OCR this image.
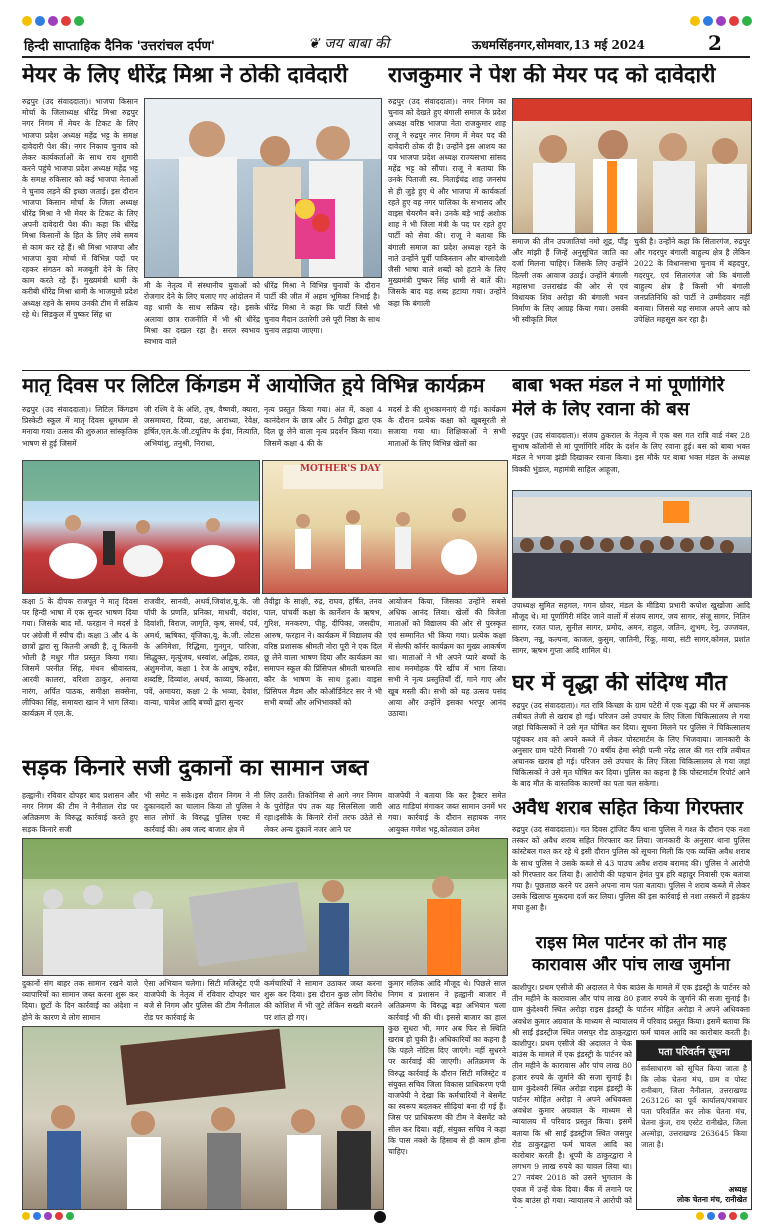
हिन्दी साप्ताहिक दैनिक 'उत्तरांचल दर्पण'	❦ जय बाबा की	ऊधमसिंहनगर,सोमवार,13 मई 2024	2
मेयर के लिए धीरेंद्र मिश्रा ने ठोकी दावेदारी
रुद्रपुर (उद संवाददाता)। भाजपा किसान मोर्चा के जिलाध्यक्ष धीरेंद्र मिश्रा रुद्रपुर नगर निगम में मेयर के टिकट के लिए भाजपा प्रदेश अध्यक्ष महेंद्र भट्ट के समक्ष दावेदारी पेश की। नगर निकाय चुनाव को लेकर कार्यकर्ताओं के साथ राय शुमारी करने पहुंचे भाजपा प्रदेश अध्यक्ष महेंद्र भट्ट के समक्ष रुकिसार को कई भाजपा नेताओं ने चुनाव लड़ने की इच्छा जताई। इस दौरान भाजपा किसान मोर्चा के जिला अध्यक्ष धीरेंद्र मिश्रा ने भी मेयर के टिकट के लिए अपनी दावेदारी पेश की। कहा कि धीरेंद्र मिश्रा किसानों के हित के लिए लंबे समय से काम कर रहे हैं। श्री मिश्रा भाजपा और भाजपा युवा मोर्चा में विभिन्न पदों पर रहकर संगठन को मजबूती देने के लिए काम करते रहे हैं। मुख्यमंत्री धामी के करीबी धीरेंद्र मिश्रा धामी के भाजयुमो प्रदेश अध्यक्ष रहने के समय उनकी टीम में सक्रिय रहे थे। सिडकुल में पुष्कर सिंह धा
मी के नेतृत्व में संस्थानीय युवाओं को रोजगार देने के लिए चलाए गए आंदोलन में वह धामी के साथ सक्रिय रहे। इसके अलावा छात्र राजनीति में भी श्री धीरेंद्र मिश्रा का दखल रहा है। सरल स्वभाव स्वभाव वाले
धीरेंद्र मिश्रा ने विभिन्न चुनावों के दौरान पार्टी की जीत में अहम भूमिका निभाई है। धीरेंद्र मिश्रा ने कहा कि पार्टी जिसे भी चुनाव मैदान उतारेगी उसे पूरी निष्ठा के साथ चुनाव लड़ाया जाएगा।
राजकुमार ने पेश की मेयर पद को दावेदारी
रुद्रपुर (उद संवाददाता)। नगर निगम का चुनाव को देखते हुए बंगाली समाज के प्रदेश अध्यक्ष वरिष्ठ भाजपा नेता राजकुमार शाह राजू ने रुद्रपुर नगर निगम में मेयर पद की दावेदारी ठोक दी है। उन्होंने इस आशय का पत्र भाजपा प्रदेश अध्यक्ष राज्यसभा सांसद महेंद्र भट्ट को सौंपा। राजू ने बताया कि उनके पिताजी स्व. निताईचंद्र शाह जनसंघ से ही जुड़े हुए थे और भाजपा में कार्यकर्ता रहते हुए वह नगर पालिका के सभासद और वाइस चेयरमैन बने। उनके बड़े भाई अशोक शाह ने भी जिला मंत्री के पद पर रहते हुए पार्टी को सेवा की। राजू ने बताया कि बंगाली समाज का प्रदेश अध्यक्ष रहने के नाते उन्होंने पूर्वी पाकिस्तान और बांग्लादेशी जैसी भाषा वाले शब्दों को हटाने के लिए मुख्यमंत्री पुष्कर सिंह धामी से बातें की। जिसके बाद यह शब्द हटाया गया। उन्होंने कहा कि बंगाली
समाज की तीन उपजातियां नमो शूद्र, पौंड्र और मांझी हैं जिन्हें अनुसूचित जाति का दर्जा मिलना चाहिए। जिसके लिए उन्होंने दिल्ली तक आवाज उठाई। उन्होंने बंगाली महासभा उत्तराखंड की ओर से एवं विधायक शिव अरोड़ा की बंगाली भवन निर्माण के लिए आग्रह किया गया। उसकी भी स्वीकृति मिल
चुकी है। उन्होंने कहा कि सितारगंज, रुद्रपुर और गदरपुर बंगाली बाहुल्य क्षेत्र है लेकिन 2022 के विधानसभा चुनाव में बहदपुर, गदरपुर, एवं सितारगंज जो कि बंगाली बाहुल्य क्षेत्र है किसी भी बंगाली जनप्रतिनिधि को पार्टी ने उम्मीदवार नहीं बनाया। जिससे यह समाज अपने आप को उपेक्षित महसूस कर रहा है।
मातृ दिवस पर लिटिल किंगडम में आयोजित हुये विभिन्न कार्यक्रम
रुद्रपुर (उद संवाददाता)। लिटिल किंगडम प्रिस्केटी स्कूल में मातृ दिवस धूमधाम से मनाया गया। उत्सव की शुरुआत सांस्कृतिक भाषण से हुई जिसमें
जी रश्मि दे के अंशि, तृष, वैष्णवी, क्यारा, जसमायरा, दिव्या, दक्ष, आराध्या, रेवेक्ष, हर्षित,एल.के.जी.टयूलिप के ईवा, नित्याति, अभियांशु, तनुश्री, निराधा,
नृत्य प्रस्तुत किया गया। अंत में, कक्षा 4 कानंदेशन के छात्र और 5 तैवीड्रा द्वारा एक दिल छू लेने वाला नृत्य प्रदर्शन किया गया। जिसमें कक्षा 4 की के
मदर्स डे की शुभकामनाएं दी गई। कार्यक्रम के दौरान प्रत्येक कक्षा को खूबसूरती से सजाया गया था। शिक्षिकाओं ने सभी माताओं के लिए विभिन्न खेलों का
MOTHER'S DAY
कक्षा 5 के दीपक राजपूत ने मातृ दिवस पर हिन्दी भाषा में एक सुन्दर भाषण दिया गया। जिसके बाद मों. फरहान ने मदर्स डे पर अंग्रेजी में स्पीच दी। कक्षा 3 और 4 के छात्रों द्वारा सु कितनी अच्छी है, तू कितनी भोली है मधुर गीत प्रस्तुत किया गया। जिसमें परनीत सिंह, मंथन श्रीवास्तव, आरवी कालरा, वरिशा ठाकुर, अनाया नारंग, अर्पित पाठक, समीक्षा सक्सेना, लीपिका सिंह, समायरा खान ने भाग लिया। कार्यक्रम में एल.के.
राजवीर, सानवी, अथर्व,जिवांश,यू.के. जी पॉपी के प्रणति, प्रनिका, माधवी, वंदांश, दिवांशी, विराज, जागृति, कृष, समर्थ, पर्व, अमर्थ, ऋषिका, वृंजिका,यू. के.जी. लोटस के अनिमेशा, रिद्धिमा, गुनगुन, पारिजा, सिद्धुक्त, मृत्युंजय, धस्वांश, अद्विक, रावत, अंशुमनोज, कक्षा 1 रेज के आयुष, रुद्रैश, शब्दष्टि, दिव्यांश, अथर्व, काव्या, किआरा, पवें, अमायरा, कक्षा 2 के भव्या, देवांश, वान्या, चावेश आदि बच्चों द्वारा सुन्दर
तैवीड्रा के साक्षी, रुद्र, राघव, हर्षित, तनव पाल, पांचवीं कक्षा के कार्नेशन के ऋषभ, गुरिश, मनकरण, पीहू, दीपिका, जसदीप, आरुष, फरहान ने। कार्यक्रम में विद्यालय की वरिष्ठ प्रशासक श्रीमती नोरा पूरी ने एक दिल छू लेने वाला भाषण दिया और कार्यक्रम का समापन स्कूल की प्रिंसिपल श्रीमती चारुमति कौर के भाषण के साथ हुआ। वाइस प्रिंसिपल मैडम और कोऑर्डिनेटर सर ने भी सभी बच्चों और अभिभावकों को
आयोजन किया, जिसका उन्होंने सबसे अधिक आनंद लिया। खेलों की विजेता माताओं को विद्यालय की ओर से पुरस्कृत एवं सम्मानित भी किया गया। प्रत्येक कक्षा में सेल्फी कॉर्नर कार्यक्रम का मुख्य आकर्षण था। माताओं ने भी अपने प्यारे बच्चों के साथ मनमोहक पैरे खींच में भाग लिया। सभी ने नृत्य प्रस्तुतियाँ दीं, गाने गाए और खूब मस्ती की। सभी को यह उत्सव पसंद आया और उन्होंने इसका भरपूर आनंद उठाया।
बाबा भक्त मंडल ने मां पूर्णागिरि
मेले के लिए रवाना की बस
रुद्रपुर (उद संवाददाता)। संजय ठुकराल के नेतृत्व में एक बस गत रात्रि वार्ड नंबर 28 सुभाष कॉलोनी से मां पूर्णागिरि मंदिर के दर्शन के लिए रवाना हुई। बस को बाबा भक्त मंडल ने भगवा झंडी दिखाकर रवाना किया। इस मौके पर बाबा भक्त मंडल के अध्यक्ष विक्की भुंडाल, महामंत्री साहिल आहूजा,
उपाध्यक्ष सुमित सहगल, गगन ग्रोवर, मंडल के मीडिया प्रभारी कपोश खुखोजा आदि मौजूद थे। मां पूर्णागिरी मंदिर जाने वालों में संजय सागर, जय सागर, संजू सागर, नितिन सागर, रजत पाल, सुनील सागर, प्रमोद, अमन, राहुल, जतिन, शुभम, रेनु, उज्जवल, किरण, नन्नू, कल्पना, काजल, कुसुम, जातिनी, रिंकू, माया, संटी सागर,कोमल, प्रशांत सागर, ऋषभ गुप्ता आदि शामिल थे।
घर में वृद्धा की संदिग्ध मौत
रुद्रपुर (उद संवाददाता)। गत रात्रि किच्छा के ग्राम पटेरी में एक वृद्धा की घर में अचानक तबीयत तेजी से खराब हो गई। परिजन उसे उपचार के लिए जिला चिकित्सालय ले गया जहां चिकित्सकों ने उसे मृत घोषित कर दिया। सूचना मिलने पर पुलिस ने चिकित्सालय पहुंचकर शव को अपने कब्जे में लेकर पोस्टमार्टम के लिए भिजवाया। जानकारी के अनुसार ग्राम पटेरी निवासी 70 वर्षीय हेमा स्नेही पत्नी नरेंद्र लाल की गत रात्रि तबीयत अचानक खराब हो गई। परिजन उसे उपचार के लिए जिला चिकित्सालय ले गया जहां चिकित्सकों ने उसे मृत घोषित कर दिया। पुलिस का कहना है कि पोस्टमार्टम रिपोर्ट आने के बाद मौत के वास्तविक कारणों का पता चल सकेगा।
अवैध शराब सहित किया गिरफ्तार
रुद्रपुर (उद संवाददाता)। गत दिवस ट्रांजिट कैंप थाना पुलिस ने गश्त के दौरान एक नशा तस्कर को अवैध शराब सहित गिरफ्तार कर लिया। जानकारी के अनुसार थाना पुलिस कांस्टेबल गश्त कर रहे थे इसी दौरान पुलिस को सूचना मिली कि एक व्यक्ति अवैध शराब के साथ पुलिस ने उसके कब्जे से 43 पाउच अवैध शराब बरामद की। पुलिस ने आरोपी को गिरफ्तार कर लिया है। आरोपी की पहचान हेमंत पुत्र हरि बहादुर निवासी एक बताया गया है। पूछताछ करने पर उसने अपना नाम पता बताया। पुलिस ने शराब कब्जे में लेकर उसके खिलाफ मुकदमा दर्ज कर लिया। पुलिस की इस कार्रवाई से नशा तस्करों में हड़कंप मचा हुआ है।
राइस मिल पार्टनर को तीन माह
कारावास और पांच लाख जुर्माना
काशीपुर। प्रथम एसीजे की अदालत ने चेक बाउंस के मामले में एक इंडस्ट्री के पार्टनर को तीन महीने के कारावास और पांच लाख 80 हजार रुपये के जुर्माने की सजा सुनाई है। ग्राम कुंदेश्वरी स्थित अरोड़ा राइस इंडस्ट्री के पार्टनर मोहित अरोड़ा ने अपने अधिवक्ता अवधेश कुमार अग्रवाल के माध्यम से न्यायालय में परिवाद प्रस्तुत किया। इसमें बताया कि श्री साईं इंडस्ट्रीज स्थित जसपुर रोड ठाकुरद्वारा फर्म चावल आदि का कारोबार करती है।
काशीपुर। प्रथम एसीजे की अदालत ने चेक बाउंस के मामले में एक इंडस्ट्री के पार्टनर को तीन महीने के कारावास और पांच लाख 80 हजार रुपये के जुर्माने की सजा सुनाई है। ग्राम कुंदेश्वरी स्थित अरोड़ा राइस इंडस्ट्री के पार्टनर मोहित अरोड़ा ने अपने अधिवक्ता अवधेश कुमार अग्रवाल के माध्यम से न्यायालय में परिवाद प्रस्तुत किया। इसमें बताया कि श्री साईं इंडस्ट्रीज स्थित जसपुर रोड ठाकुरद्वारा फर्म चावल आदि का कारोबार करती है। धूप्पी के ठाकुरद्वारा ने लगभग 9 लाख रुपये का चावल लिया था। 27 नवंबर 2018 को उसने भुगतान के एवज में उन्हें चेक दिया। बैंक में लगाने पर चेक बाउंस हो गया। न्यायालय ने आरोपी को
पता परिवर्तन सूचना
सर्वसाधारण को सूचित किया जाता है कि लोक चेतना मंच, ग्राम व पोस्ट रानीबाग, जिला नैनीताल, उत्तराखण्ड 263126 का पूर्व कार्यालय/पत्राचार पता परिवर्तित कर लोक चेतना मंच, चेतना कुंज, राय एस्टेट रानीखेत, जिला अल्मोड़ा, उत्तराखण्ड 263645 किया जाता है।
अध्यक्ष
लोक चेतना मंच, रानीखेत
सड़क किनारे सजी दुकानों का सामान जब्त
हल्द्वानी। रविवार दोपहर बाद प्रशासन और नगर निगम की टीम ने नैनीताल रोड पर अतिक्रमण के विरुद्ध कार्रवाई करते हुए सड़क किनारे सजी
भी समेट न सके।इस दौरान निगम ने नी दुकानदारों का चालान किया तो पुलिस ने सात लोगों के विरुद्ध पुलिस एक्ट में कार्रवाई की। अब जल्द बाजार क्षेत्र में
लिए उतरी। तिकोनिया से आगे नगर निगम के पुरोहित पंप तक यह सिलसिला जारी रहा।इसीके के किनारे रोनों तरफ उठेते से लेकर अन्य दुकानें नजर आने पर
वाजपेयी ने बताया कि कर ट्रैक्टर समेत आठ गाड़ियां मंगाकर जब्त सामान उनमें भर गया। कार्रवाई के दौरान सहायक नगर आयुक्त गणेश भट्ट,कोतवाल उमेश
दुकानों संग बाहर तक सामान रखने वाले व्यापारियों का सामान जब्त करना शुरू कर दिया। छूटों के दिन कार्रवाई का अंदेशा न होने के कारण ये लोग सामान
ऐसा अभियान चलेगा। सिटी मजिस्ट्रेट एपी वाजपेयी के नेतृत्व में रविवार दोपहर चार बजे से निगम और पुलिस की टीम नैनीताल रोड पर कार्रवाई के
कर्मचारियों ने सामान उठाकर जब्त करना शुरू कर दिया। इस दौरान कुछ लोग विरोध की कोशिश में भी जुटे लेकिन सख्ती बरतने पर शांत हो गए।
कुमार मलिक आदि मौजूद थे। पिछले साल निगम व प्रशासन ने हल्द्वानी बाजार में अतिक्रमण के विरुद्ध बड़ा अभियान चला कार्रवाई भी की थी। इससे बाजार का हाल कुछ सुधरा भी, मगर अब फिर से स्थिति खराब हो चुकी है। अधिकारियों का कहना है कि पहले नोटिस दिए जाएंगे। नहीं सुधरने पर कार्रवाई की जाएगी। अतिक्रमण के विरुद्ध कार्रवाई के दौरान सिटी मजिस्ट्रेट व संयुक्त सचिव जिला विकास प्राधिकरण एपी वाजपेयी ने देखा कि कर्मचारियों ने बेसमेंट का स्वरूप बदलकर सीढ़ियां बना दी गई हैं। जिस पर प्राधिकरण की टीम ने बेसमेंट को सील कर दिया। वहीं, संयुक्त सचिव ने कहा कि पास नक्शे के हिसाब से ही काम होना चाहिए।
